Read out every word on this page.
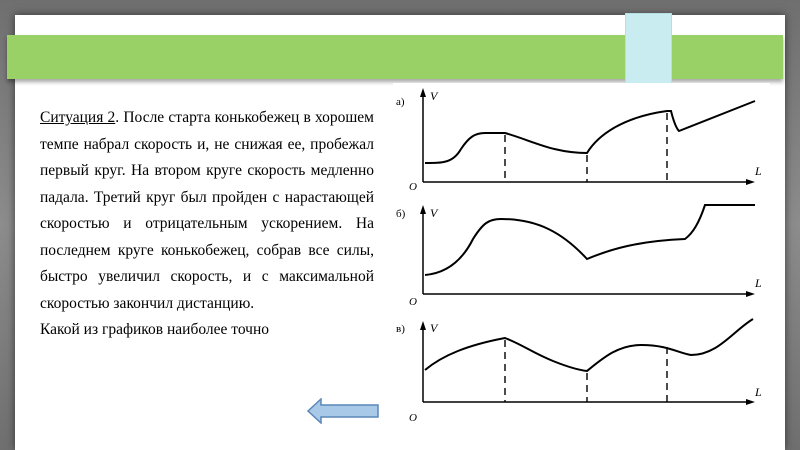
Ситуация 2. После старта конькобежец в хорошем темпе набрал скорость и, не снижая ее, пробежал первый круг. На втором круге скорость медленно падала. Третий круг был пройден с нарастающей скоростью и отрицательным ускорением. На последнем круге конькобежец, собрав все силы, быстро увеличил скорость, и с максимальной скоростью закончил дистанцию.

Какой из графиков наиболее точно

а) V
L
O
б) V
L
O
в) V
L
O
